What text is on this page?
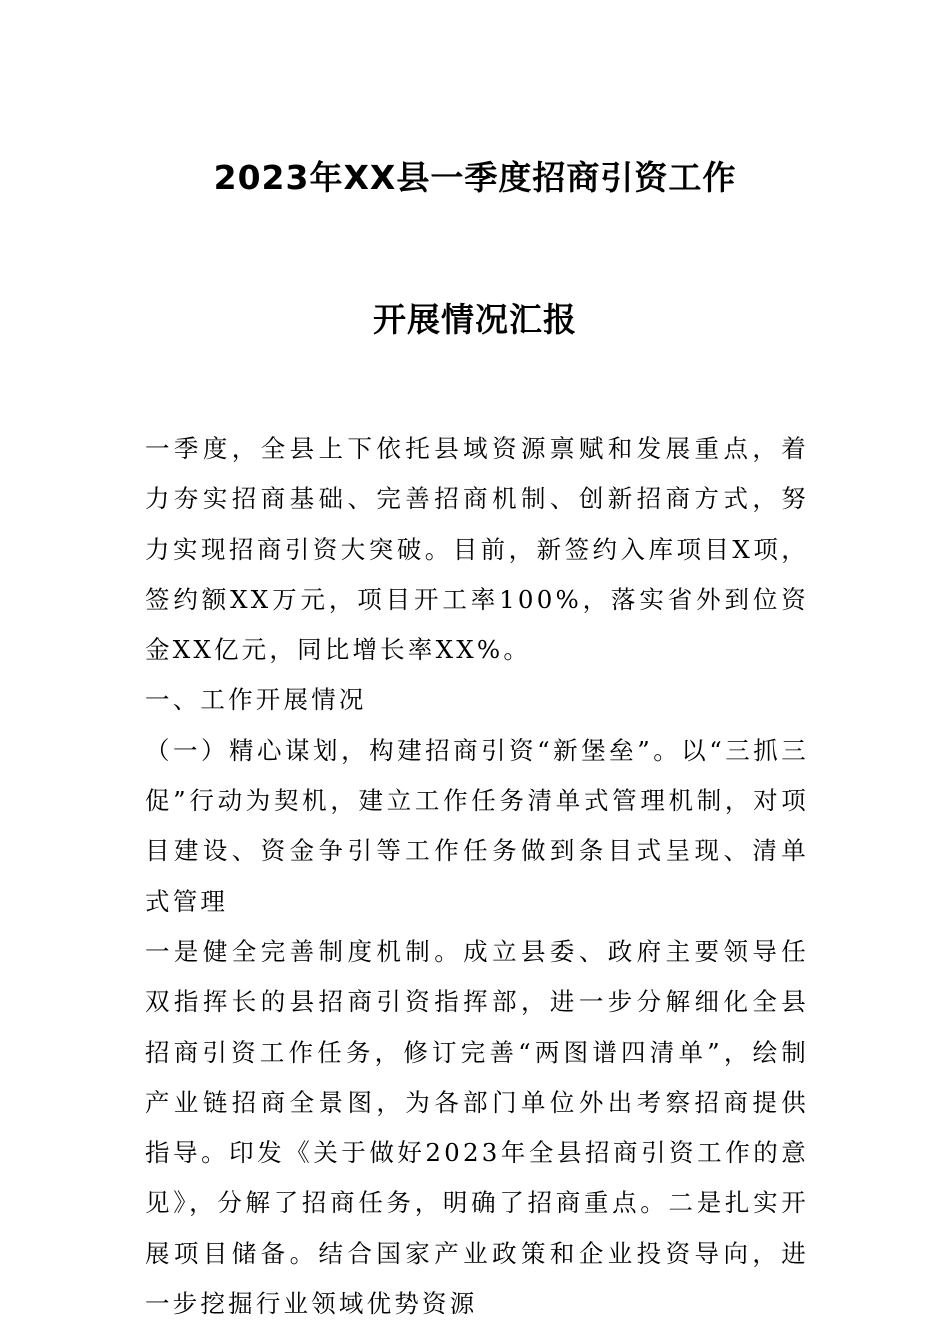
2023年XX县一季度招商引资工作
开展情况汇报

一季度，全县上下依托县域资源禀赋和发展重点，着力夯实招商基础、完善招商机制、创新招商方式，努力实现招商引资大突破。目前，新签约入库项目X项，签约额XX万元，项目开工率100%，落实省外到位资金XX亿元，同比增长率XX%。

一、工作开展情况

（一）精心谋划，构建招商引资“新堡垒”。以“三抓三促”行动为契机，建立工作任务清单式管理机制，对项目建设、资金争引等工作任务做到条目式呈现、清单式管理

一是健全完善制度机制。成立县委、政府主要领导任双指挥长的县招商引资指挥部，进一步分解细化全县招商引资工作任务，修订完善“两图谱四清单”，绘制产业链招商全景图，为各部门单位外出考察招商提供指导。印发《关于做好2023年全县招商引资工作的意见》，分解了招商任务，明确了招商重点。二是扎实开展项目储备。结合国家产业政策和企业投资导向，进一步挖掘行业领域优势资源
